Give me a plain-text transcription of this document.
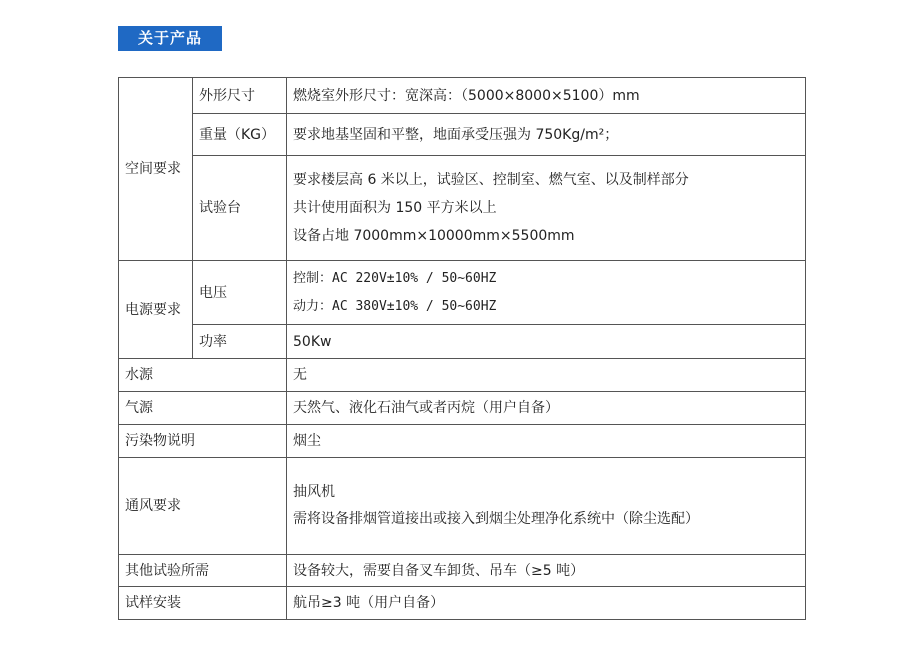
关于产品
空间要求	外形尺寸	燃烧室外形尺寸：宽深高：（5000×8000×5100）mm
	重量（KG）	要求地基坚固和平整，地面承受压强为 750Kg/m²；
	试验台	要求楼层高 6 米以上，试验区、控制室、燃气室、以及制样部分
共计使用面积为 150 平方米以上
设备占地 7000mm×10000mm×5500mm

电源要求	电压	控制：AC 220V±10% / 50~60HZ
动力：AC 380V±10% / 50~60HZ

	功率	50Kw
水源		无
气源		天然气、液化石油气或者丙烷（用户自备）
污染物说明		烟尘
通风要求		抽风机
需将设备排烟管道接出或接入到烟尘处理净化系统中（除尘选配）

其他试验所需		设备较大，需要自备叉车卸货、吊车（≥5 吨）
试样安装		航吊≥3 吨（用户自备）
